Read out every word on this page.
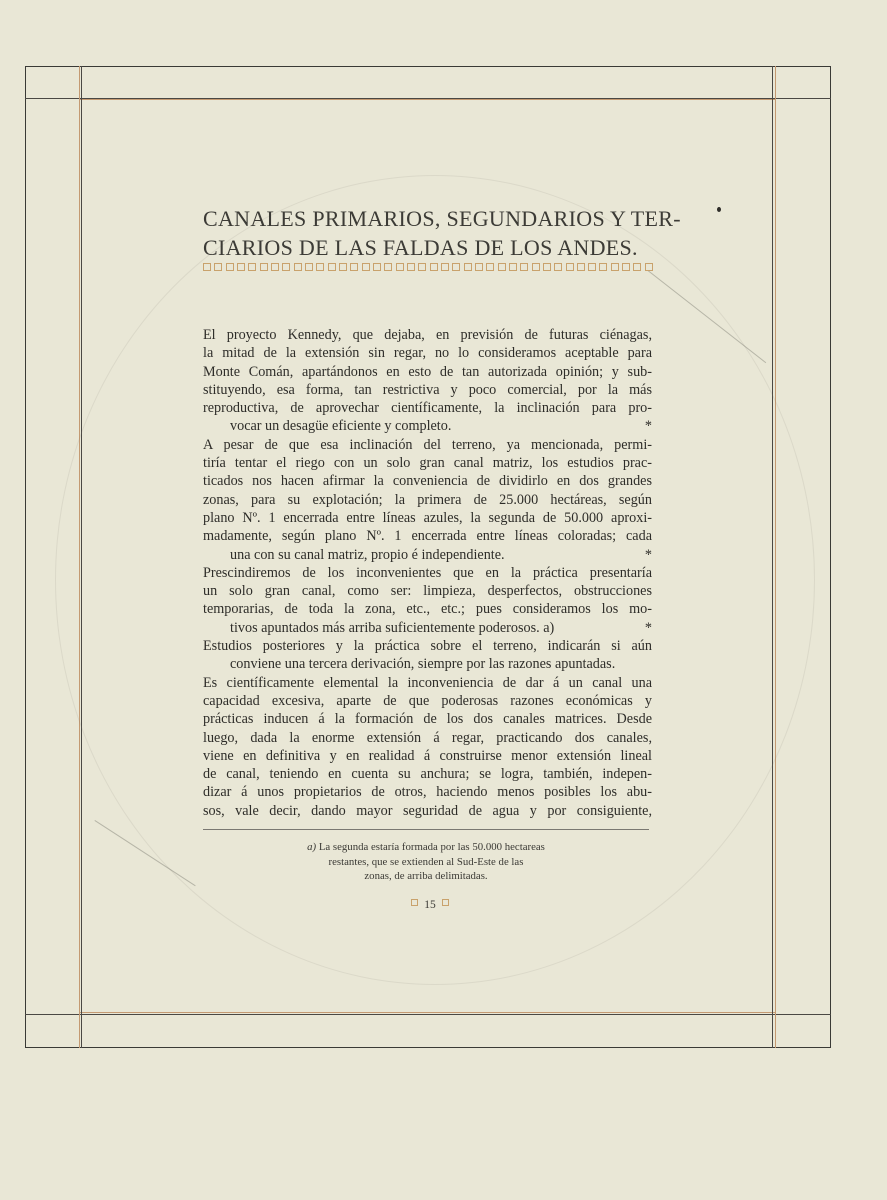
CANALES PRIMARIOS, SEGUNDARIOS Y TER-
CIARIOS DE LAS FALDAS DE LOS ANDES.
El proyecto Kennedy, que dejaba, en previsión de futuras ciénagas,
la mitad de la extensión sin regar, no lo consideramos aceptable para
Monte Comán, apartándonos en esto de tan autorizada opinión; y sub-
stituyendo, esa forma, tan restrictiva y poco comercial, por la más
reproductiva, de aprovechar científicamente, la inclinación para pro-
vocar un desagüe eficiente y completo.	*
A pesar de que esa inclinación del terreno, ya mencionada, permi-
tiría tentar el riego con un solo gran canal matriz, los estudios prac-
ticados nos hacen afirmar la conveniencia de dividirlo en dos grandes
zonas, para su explotación; la primera de 25.000 hectáreas, según
plano Nº. 1 encerrada entre líneas azules, la segunda de 50.000 aproxi-
madamente, según plano Nº. 1 encerrada entre líneas coloradas; cada
una con su canal matriz, propio é independiente.	*
Prescindiremos de los inconvenientes que en la práctica presentaría
un solo gran canal, como ser: limpieza, desperfectos, obstrucciones
temporarias, de toda la zona, etc., etc.; pues consideramos los mo-
tivos apuntados más arriba suficientemente poderosos. a)	*
Estudios posteriores y la práctica sobre el terreno, indicarán si aún
conviene una tercera derivación, siempre por las razones apuntadas.
Es científicamente elemental la inconveniencia de dar á un canal una
capacidad excesiva, aparte de que poderosas razones económicas y
prácticas inducen á la formación de los dos canales matrices. Desde
luego, dada la enorme extensión á regar, practicando dos canales,
viene en definitiva y en realidad á construirse menor extensión lineal
de canal, teniendo en cuenta su anchura; se logra, también, indepen-
dizar á unos propietarios de otros, haciendo menos posibles los abu-
sos, vale decir, dando mayor seguridad de agua y por consiguiente,
a) La segunda estaría formada por las 50.000 hectareas
restantes, que se extienden al Sud-Este de las
zonas, de arriba delimitadas.
15
